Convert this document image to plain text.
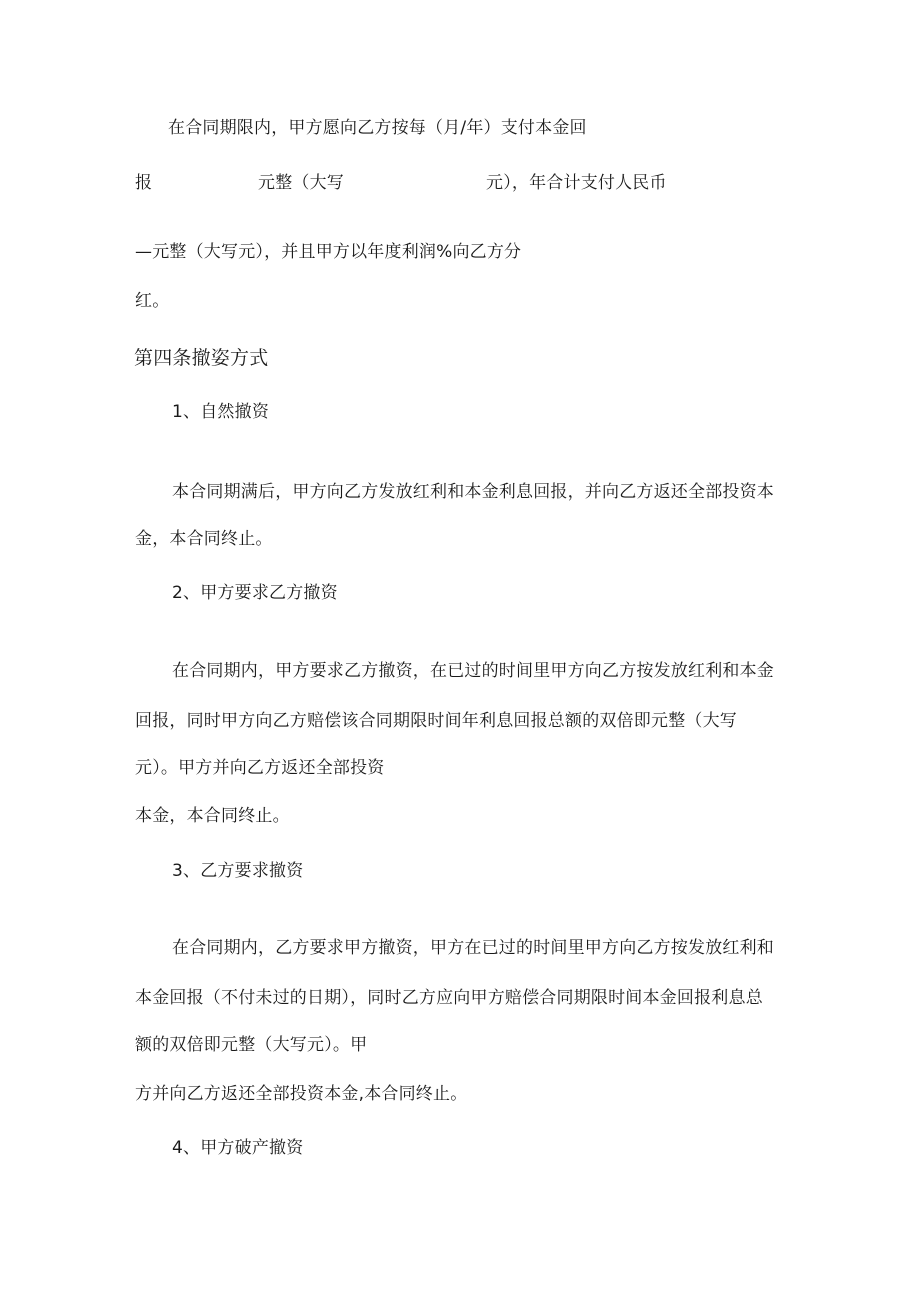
在合同期限内，甲方愿向乙方按每（月/年）支付本金回
报	元整（大写	元），年合计支付人民币
—元整（大写元），并且甲方以年度利润%向乙方分
红。
第四条撤姿方式
1、自然撤资
本合同期满后，甲方向乙方发放红利和本金利息回报，并向乙方返还全部投资本
金，本合同终止。
2、甲方要求乙方撤资
在合同期内，甲方要求乙方撤资，在已过的时间里甲方向乙方按发放红利和本金
回报，同时甲方向乙方赔偿该合同期限时间年利息回报总额的双倍即元整（大写
元）。甲方并向乙方返还全部投资
本金，本合同终止。
3、乙方要求撤资
在合同期内，乙方要求甲方撤资，甲方在已过的时间里甲方向乙方按发放红利和
本金回报（不付未过的日期），同时乙方应向甲方赔偿合同期限时间本金回报利息总
额的双倍即元整（大写元）。甲
方并向乙方返还全部投资本金,本合同终止。
4、甲方破产撤资
